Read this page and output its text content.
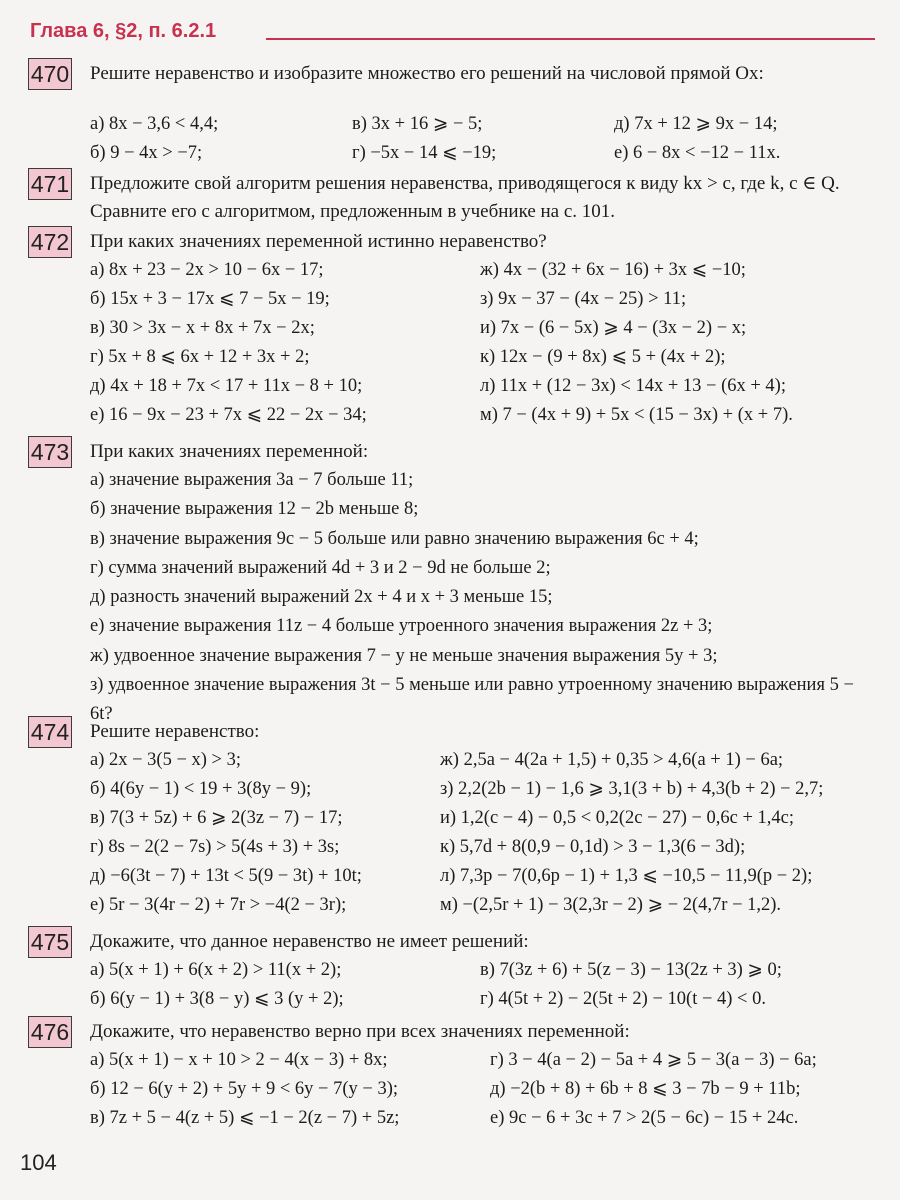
Глава 6, §2, п. 6.2.1
470 Решите неравенство и изобразите множество его решений на числовой прямой Ox:
а) 8x − 3,6 < 4,4;	в) 3x + 16 ⩾ − 5;	д) 7x + 12 ⩾ 9x − 14;
б) 9 − 4x > −7;	г) −5x − 14 ⩽ −19;	е) 6 − 8x < −12 − 11x.
471 Предложите свой алгоритм решения неравенства, приводящегося к виду kx > c, где k, c ∈ Q. Сравните его с алгоритмом, предложенным в учебнике на с. 101.
472 При каких значениях переменной истинно неравенство?
а) 8x + 23 − 2x > 10 − 6x − 17;	ж) 4x − (32 + 6x − 16) + 3x ⩽ −10;
б) 15x + 3 − 17x ⩽ 7 − 5x − 19;	з) 9x − 37 − (4x − 25) > 11;
в) 30 > 3x − x + 8x + 7x − 2x;	и) 7x − (6 − 5x) ⩾ 4 − (3x − 2) − x;
г) 5x + 8 ⩽ 6x + 12 + 3x + 2;	к) 12x − (9 + 8x) ⩽ 5 + (4x + 2);
д) 4x + 18 + 7x < 17 + 11x − 8 + 10;	л) 11x + (12 − 3x) < 14x + 13 − (6x + 4);
е) 16 − 9x − 23 + 7x ⩽ 22 − 2x − 34;	м) 7 − (4x + 9) + 5x < (15 − 3x) + (x + 7).
473 При каких значениях переменной:
а) значение выражения 3a − 7 больше 11;
б) значение выражения 12 − 2b меньше 8;
в) значение выражения 9c − 5 больше или равно значению выражения 6c + 4;
г) сумма значений выражений 4d + 3 и 2 − 9d не больше 2;
д) разность значений выражений 2x + 4 и x + 3 меньше 15;
е) значение выражения 11z − 4 больше утроенного значения выражения 2z + 3;
ж) удвоенное значение выражения 7 − y не меньше значения выражения 5y + 3;
з) удвоенное значение выражения 3t − 5 меньше или равно утроенному значению выражения 5 − 6t?
474 Решите неравенство:
а) 2x − 3(5 − x) > 3;	ж) 2,5a − 4(2a + 1,5) + 0,35 > 4,6(a + 1) − 6a;
б) 4(6y − 1) < 19 + 3(8y − 9);	з) 2,2(2b − 1) − 1,6 ⩾ 3,1(3 + b) + 4,3(b + 2) − 2,7;
в) 7(3 + 5z) + 6 ⩾ 2(3z − 7) − 17;	и) 1,2(c − 4) − 0,5 < 0,2(2c − 27) − 0,6c + 1,4c;
г) 8s − 2(2 − 7s) > 5(4s + 3) + 3s;	к) 5,7d + 8(0,9 − 0,1d) > 3 − 1,3(6 − 3d);
д) −6(3t − 7) + 13t < 5(9 − 3t) + 10t;	л) 7,3p − 7(0,6p − 1) + 1,3 ⩽ −10,5 − 11,9(p − 2);
е) 5r − 3(4r − 2) + 7r > −4(2 − 3r);	м) −(2,5r + 1) − 3(2,3r − 2) ⩾ − 2(4,7r − 1,2).
475 Докажите, что данное неравенство не имеет решений:
а) 5(x + 1) + 6(x + 2) > 11(x + 2);	в) 7(3z + 6) + 5(z − 3) − 13(2z + 3) ⩾ 0;
б) 6(y − 1) + 3(8 − y) ⩽ 3 (y + 2);	г) 4(5t + 2) − 2(5t + 2) − 10(t − 4) < 0.
476 Докажите, что неравенство верно при всех значениях переменной:
а) 5(x + 1) − x + 10 > 2 − 4(x − 3) + 8x;	г) 3 − 4(a − 2) − 5a + 4 ⩾ 5 − 3(a − 3) − 6a;
б) 12 − 6(y + 2) + 5y + 9 < 6y − 7(y − 3);	д) −2(b + 8) + 6b + 8 ⩽ 3 − 7b − 9 + 11b;
в) 7z + 5 − 4(z + 5) ⩽ −1 − 2(z − 7) + 5z;	е) 9c − 6 + 3c + 7 > 2(5 − 6c) − 15 + 24c.
104
